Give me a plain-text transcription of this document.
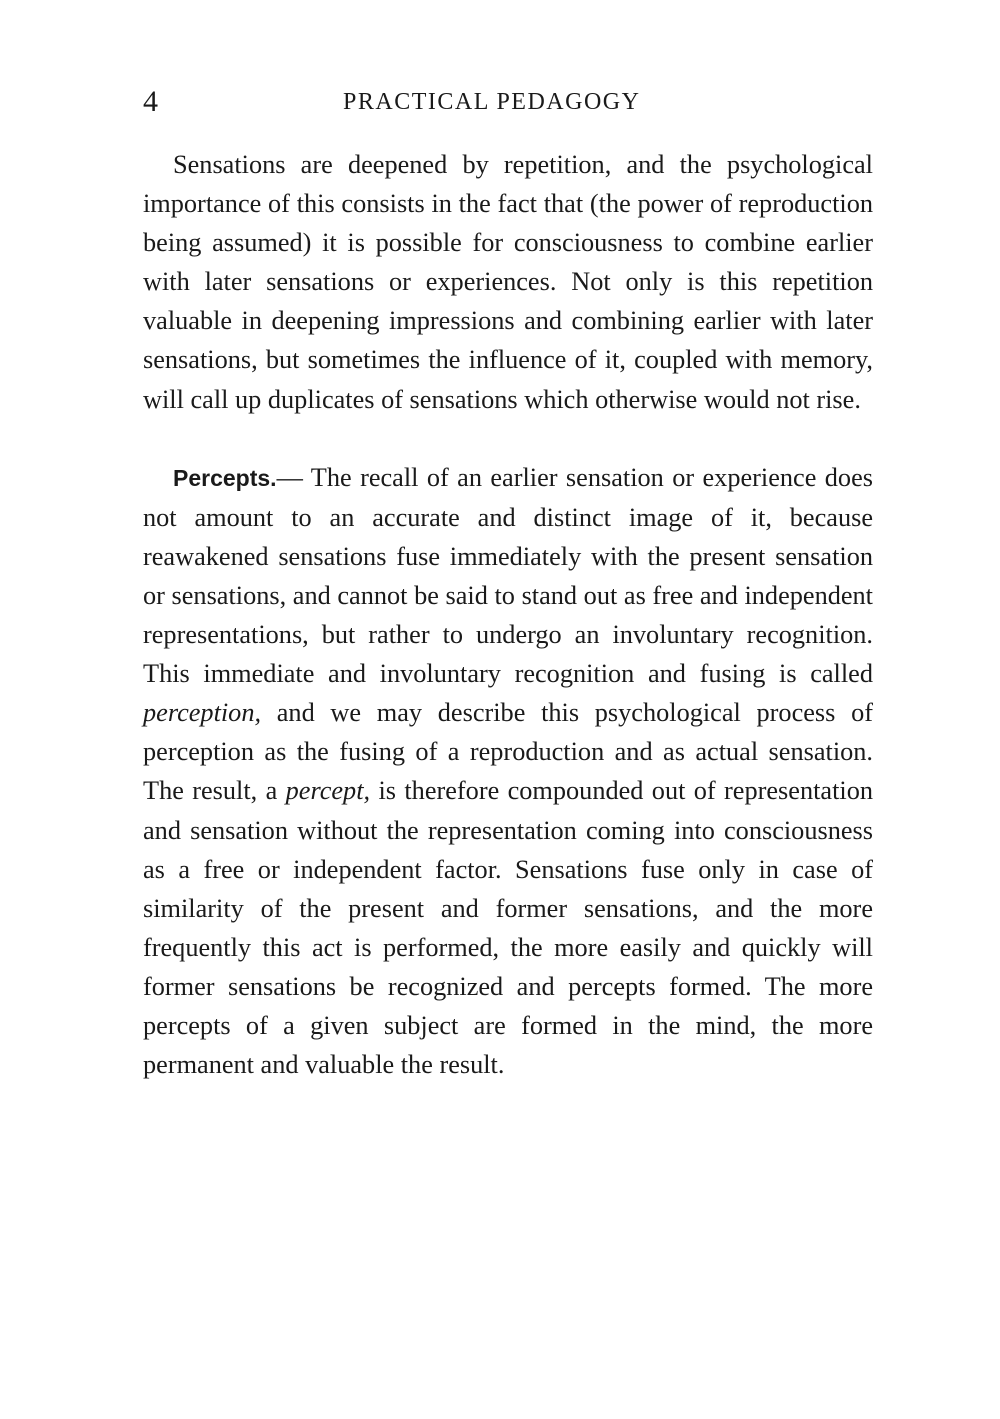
4	PRACTICAL PEDAGOGY

Sensations are deepened by repetition, and the psychological importance of this consists in the fact that (the power of reproduction being assumed) it is possible for consciousness to combine earlier with later sensations or experiences. Not only is this repetition valuable in deepening impressions and combining earlier with later sensations, but sometimes the influence of it, coupled with memory, will call up duplicates of sensations which otherwise would not rise.

Percepts.— The recall of an earlier sensation or experience does not amount to an accurate and distinct image of it, because reawakened sensations fuse immediately with the present sensation or sensations, and cannot be said to stand out as free and independent representations, but rather to undergo an involuntary recognition. This immediate and involuntary recognition and fusing is called perception, and we may describe this psychological process of perception as the fusing of a reproduction and as actual sensation. The result, a percept, is therefore compounded out of representation and sensation without the representation coming into consciousness as a free or independent factor. Sensations fuse only in case of similarity of the present and former sensations, and the more frequently this act is performed, the more easily and quickly will former sensations be recognized and percepts formed. The more percepts of a given subject are formed in the mind, the more permanent and valuable the result.
